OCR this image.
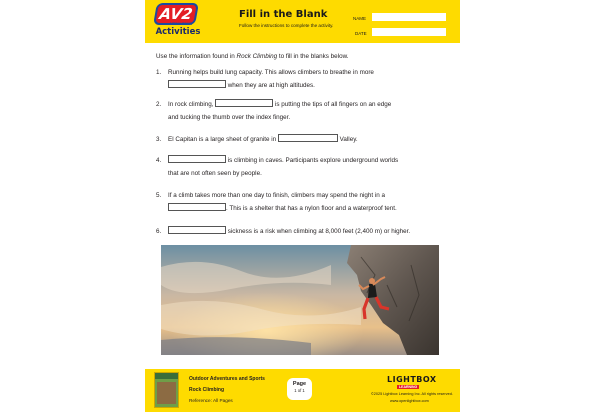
AV2
MEDIA TOUR
Activities
Fill in the Blank
Follow the instructions to complete the activity.
NAME
DATE
Use the information found in Rock Climbing to fill in the blanks below.
1. Running helps build lung capacity. This allows climbers to breathe in more
when they are at high altitudes.
2. In rock climbing,	is putting the tips of all fingers on an edge
and tucking the thumb over the index finger.
3. El Capitan is a large sheet of granite in	Valley.
4.	is climbing in caves. Participants explore underground worlds
that are not often seen by people.
5. If a climb takes more than one day to finish, climbers may spend the night in a
. This is a shelter that has a nylon floor and a waterproof tent.
6.	sickness is a risk when climbing at 8,000 feet (2,400 m) or higher.
Outdoor Adventures and Sports
Rock Climbing
Reference: All Pages
Page
1 of 1
LIGHTBOX
LEARNING
©2025 Lightbox Learning Inc. All rights reserved.
www.openlightbox.com
